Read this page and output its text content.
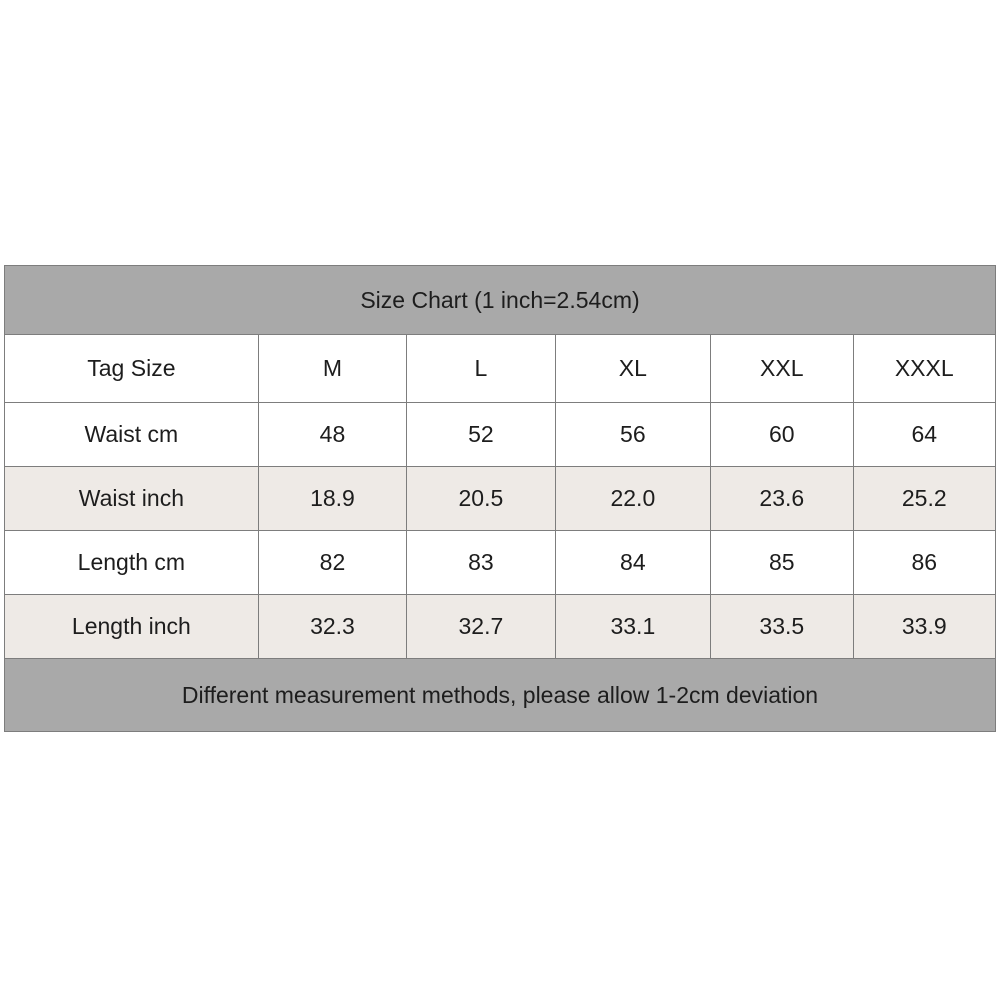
Size Chart (1 inch=2.54cm)					
Tag Size	M	L	XL	XXL	XXXL
Waist cm	48	52	56	60	64
Waist inch	18.9	20.5	22.0	23.6	25.2
Length cm	82	83	84	85	86
Length inch	32.3	32.7	33.1	33.5	33.9
Different measurement methods, please allow 1-2cm deviation					
